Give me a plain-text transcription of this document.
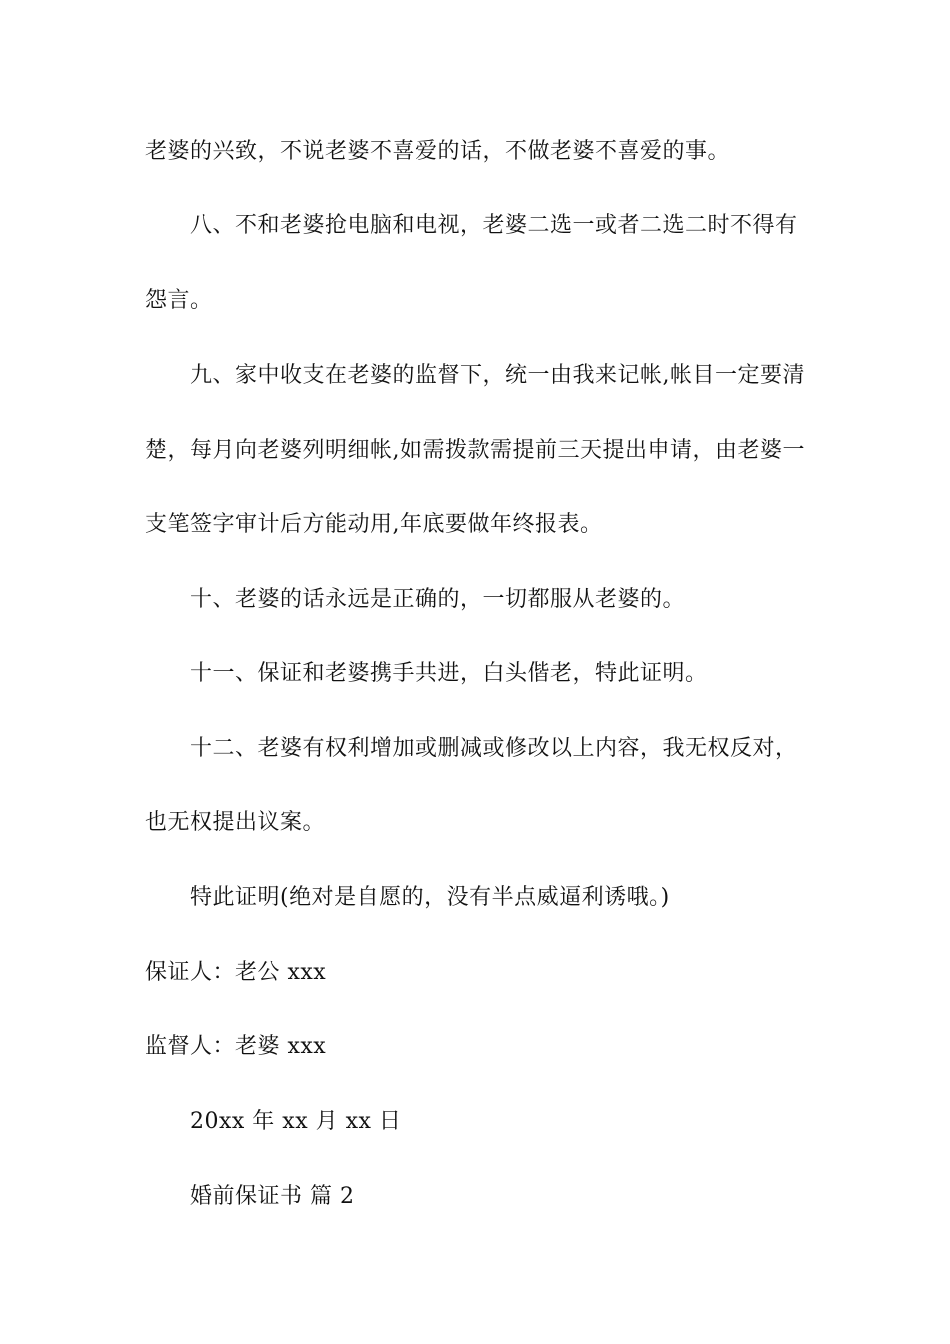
老婆的兴致，不说老婆不喜爱的话，不做老婆不喜爱的事。
八、不和老婆抢电脑和电视，老婆二选一或者二选二时不得有
怨言。
九、家中收支在老婆的监督下，统一由我来记帐,帐目一定要清
楚，每月向老婆列明细帐,如需拨款需提前三天提出申请，由老婆一
支笔签字审计后方能动用,年底要做年终报表。
十、老婆的话永远是正确的，一切都服从老婆的。
十一、保证和老婆携手共进，白头偕老，特此证明。
十二、老婆有权利增加或删减或修改以上内容，我无权反对，
也无权提出议案。
特此证明(绝对是自愿的，没有半点威逼利诱哦。)
保证人：老公 xxx
监督人：老婆 xxx
20xx 年 xx 月 xx 日
婚前保证书 篇 2
